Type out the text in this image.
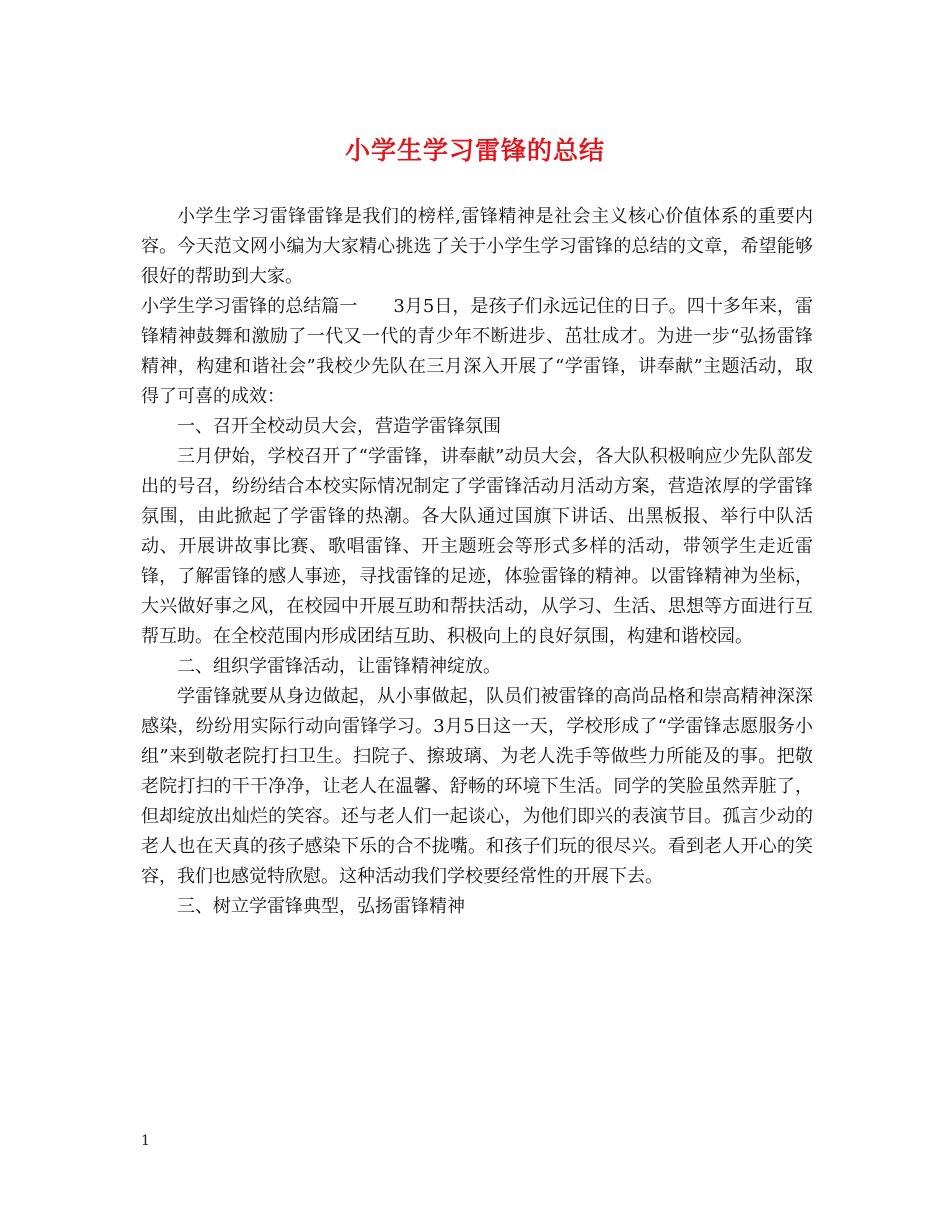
小学生学习雷锋的总结

小学生学习雷锋雷锋是我们的榜样,雷锋精神是社会主义核心价值体系的重要内容。今天范文网小编为大家精心挑选了关于小学生学习雷锋的总结的文章，希望能够很好的帮助到大家。

小学生学习雷锋的总结篇一 3月5日，是孩子们永远记住的日子。四十多年来，雷锋精神鼓舞和激励了一代又一代的青少年不断进步、茁壮成才。为进一步“弘扬雷锋精神，构建和谐社会”我校少先队在三月深入开展了“学雷锋，讲奉献”主题活动，取得了可喜的成效：

一、召开全校动员大会，营造学雷锋氛围

三月伊始，学校召开了“学雷锋，讲奉献”动员大会，各大队积极响应少先队部发出的号召，纷纷结合本校实际情况制定了学雷锋活动月活动方案，营造浓厚的学雷锋氛围，由此掀起了学雷锋的热潮。各大队通过国旗下讲话、出黑板报、举行中队活动、开展讲故事比赛、歌唱雷锋、开主题班会等形式多样的活动，带领学生走近雷锋，了解雷锋的感人事迹，寻找雷锋的足迹，体验雷锋的精神。以雷锋精神为坐标，大兴做好事之风，在校园中开展互助和帮扶活动，从学习、生活、思想等方面进行互帮互助。在全校范围内形成团结互助、积极向上的良好氛围，构建和谐校园。

二、组织学雷锋活动，让雷锋精神绽放。

学雷锋就要从身边做起，从小事做起，队员们被雷锋的高尚品格和崇高精神深深感染，纷纷用实际行动向雷锋学习。3月5日这一天，学校形成了“学雷锋志愿服务小组”来到敬老院打扫卫生。扫院子、擦玻璃、为老人洗手等做些力所能及的事。把敬老院打扫的干干净净，让老人在温馨、舒畅的环境下生活。同学的笑脸虽然弄脏了，但却绽放出灿烂的笑容。还与老人们一起谈心，为他们即兴的表演节目。孤言少动的老人也在天真的孩子感染下乐的合不拢嘴。和孩子们玩的很尽兴。看到老人开心的笑容，我们也感觉特欣慰。这种活动我们学校要经常性的开展下去。

三、树立学雷锋典型，弘扬雷锋精神

1
